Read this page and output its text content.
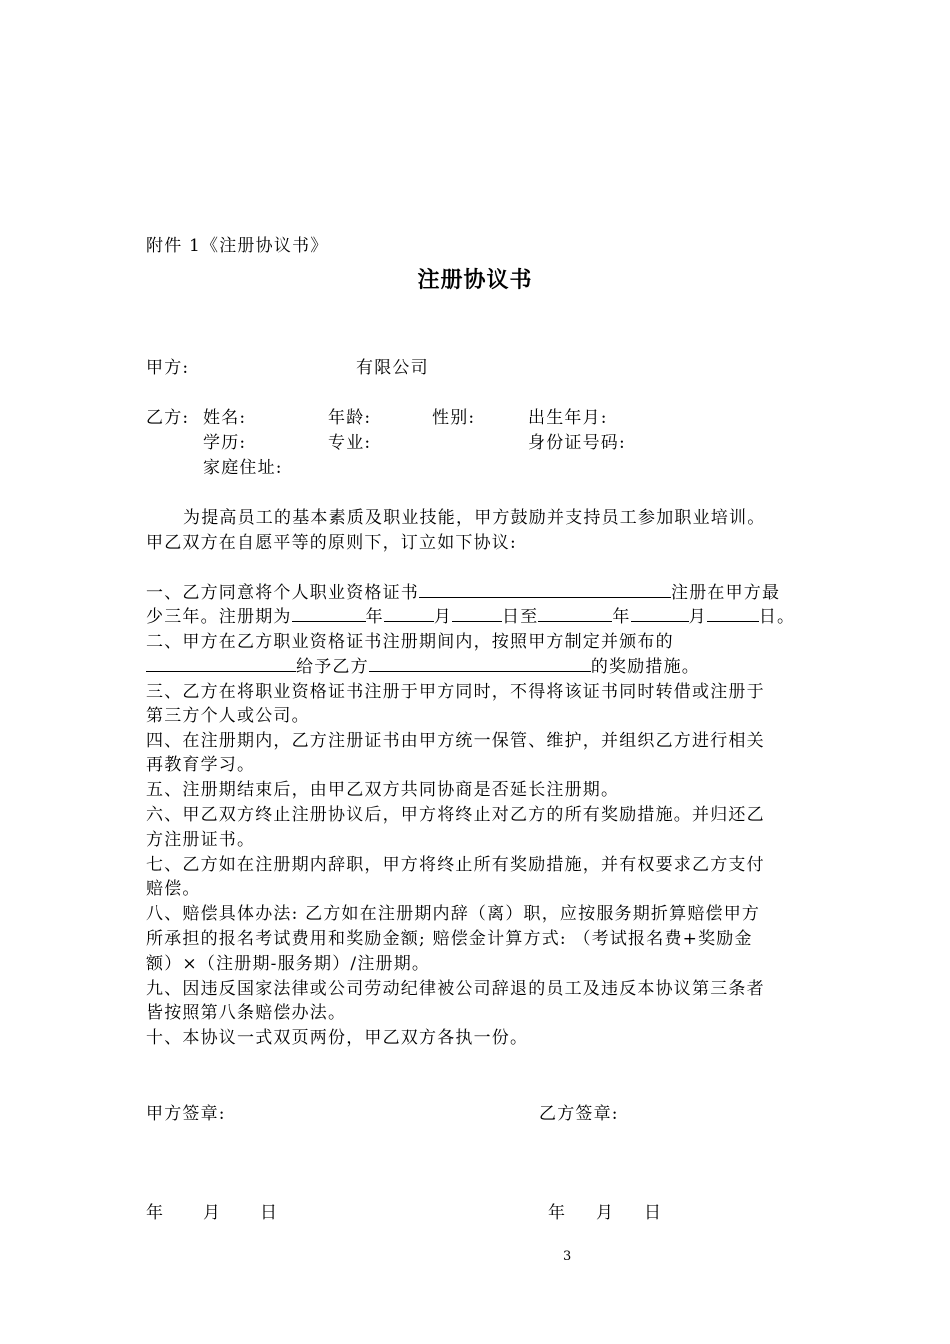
附件 1《注册协议书》
注册协议书
甲方:	有限公司
乙方: 姓名:	年龄:	性别:	出生年月:
学历:	专业:	身份证号码:
家庭住址:
为提高员工的基本素质及职业技能，甲方鼓励并支持员工参加职业培训。
甲乙双方在自愿平等的原则下，订立如下协议:
一、乙方同意将个人职业资格证书	注册在甲方最
少三年。注册期为	年	月	日至	年	月	日。
二、甲方在乙方职业资格证书注册期间内，按照甲方制定并颁布的
给予乙方	的奖励措施。
三、乙方在将职业资格证书注册于甲方同时，不得将该证书同时转借或注册于
第三方个人或公司。
四、在注册期内，乙方注册证书由甲方统一保管、维护，并组织乙方进行相关
再教育学习。
五、注册期结束后，由甲乙双方共同协商是否延长注册期。
六、甲乙双方终止注册协议后，甲方将终止对乙方的所有奖励措施。并归还乙
方注册证书。
七、乙方如在注册期内辞职，甲方将终止所有奖励措施，并有权要求乙方支付
赔偿。
八、赔偿具体办法: 乙方如在注册期内辞（离）职，应按服务期折算赔偿甲方
所承担的报名考试费用和奖励金额; 赔偿金计算方式: （考试报名费+奖励金
额）×（注册期-服务期）/注册期。
九、因违反国家法律或公司劳动纪律被公司辞退的员工及违反本协议第三条者
皆按照第八条赔偿办法。
十、本协议一式双页两份，甲乙双方各执一份。
甲方签章:	乙方签章:
年 月 日	年 月 日
3
